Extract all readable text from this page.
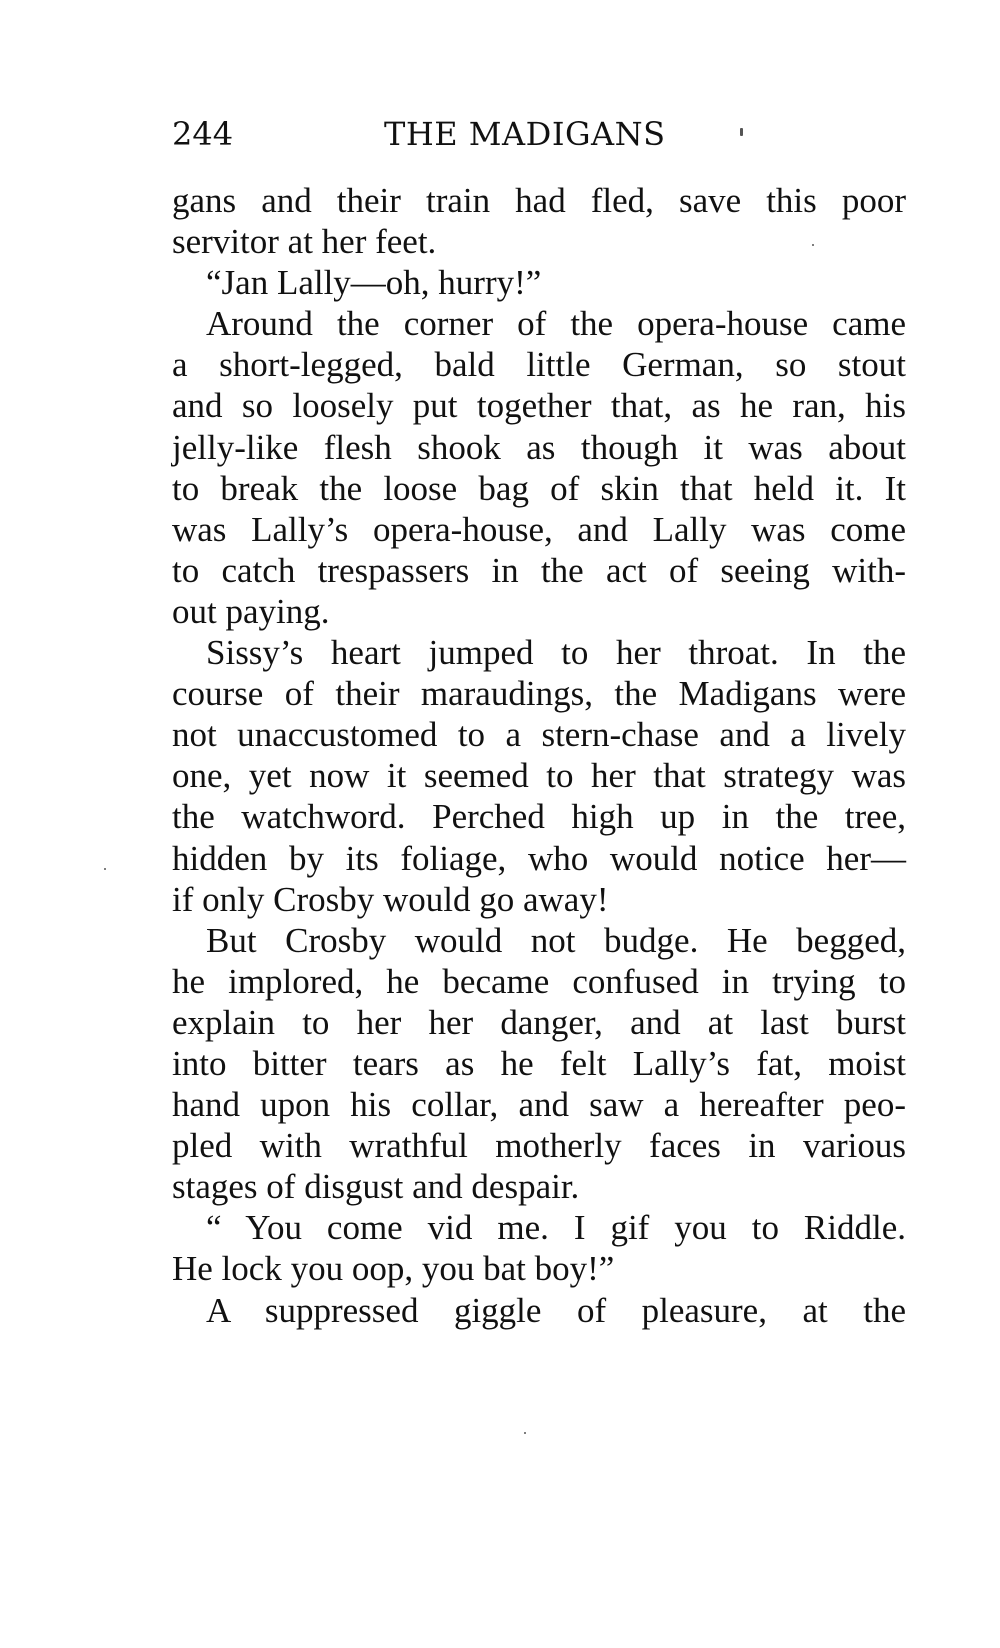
244	THE MADIGANS
gans and their train had fled, save this poor
servitor at her feet.
“Jan Lally—oh, hurry!”
Around the corner of the opera-house came
a short-legged, bald little German, so stout
and so loosely put together that, as he ran, his
jelly-like flesh shook as though it was about
to break the loose bag of skin that held it. It
was Lally’s opera-house, and Lally was come
to catch trespassers in the act of seeing with-
out paying.
Sissy’s heart jumped to her throat. In the
course of their maraudings, the Madigans were
not unaccustomed to a stern-chase and a lively
one, yet now it seemed to her that strategy was
the watchword. Perched high up in the tree,
hidden by its foliage, who would notice her—
if only Crosby would go away!
But Crosby would not budge. He begged,
he implored, he became confused in trying to
explain to her her danger, and at last burst
into bitter tears as he felt Lally’s fat, moist
hand upon his collar, and saw a hereafter peo-
pled with wrathful motherly faces in various
stages of disgust and despair.
“ You come vid me. I gif you to Riddle.
He lock you oop, you bat boy!”
A suppressed giggle of pleasure, at the
